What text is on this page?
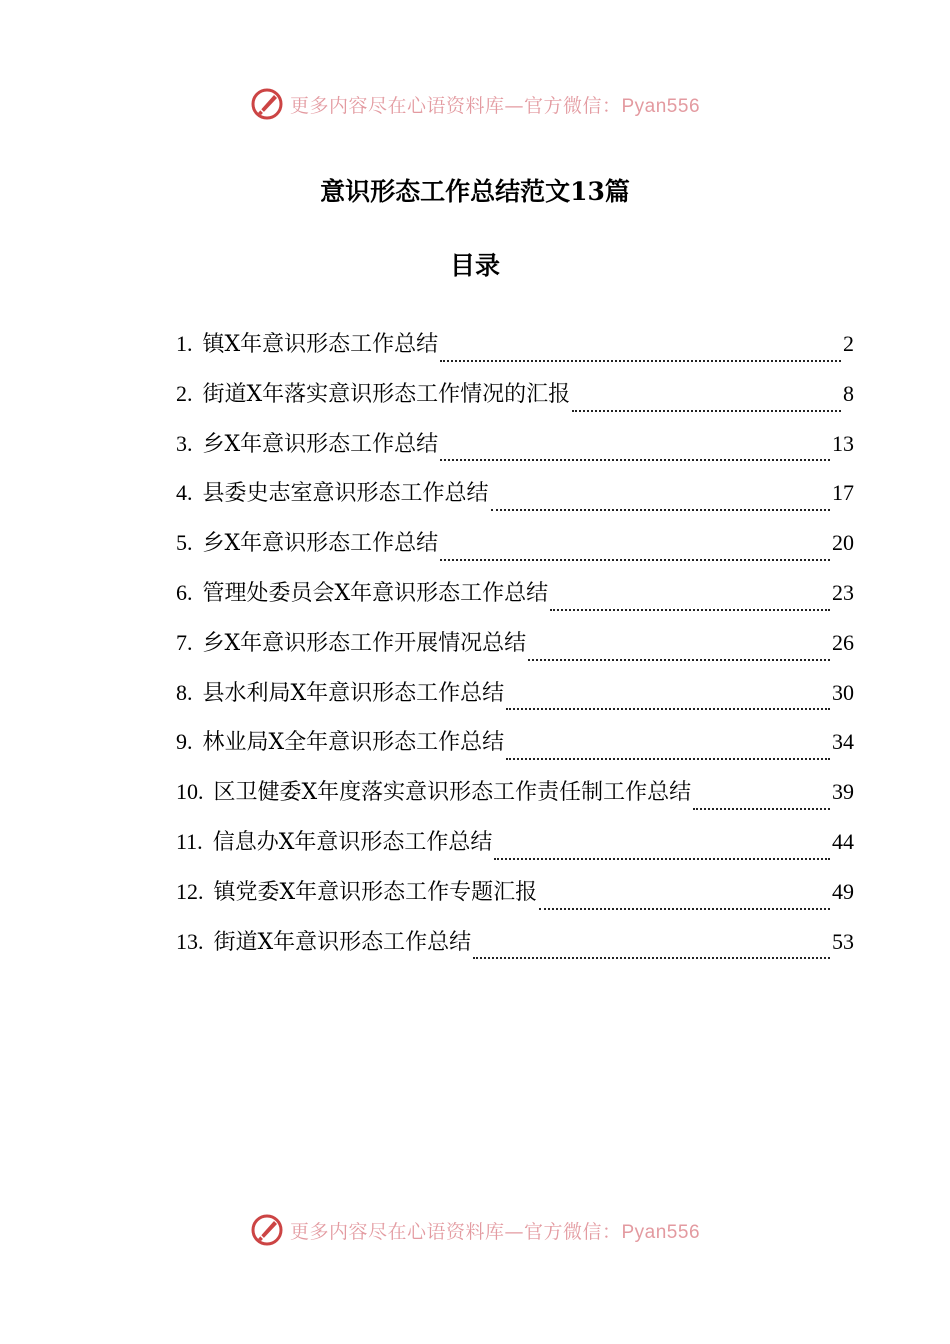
更多内容尽在心语资料库—官方微信：Pyan556
意识形态工作总结范文13篇
目录
1. 镇X年意识形态工作总结	2
2. 街道X年落实意识形态工作情况的汇报	8
3. 乡X年意识形态工作总结	13
4. 县委史志室意识形态工作总结	17
5. 乡X年意识形态工作总结	20
6. 管理处委员会X年意识形态工作总结	23
7. 乡X年意识形态工作开展情况总结	26
8. 县水利局X年意识形态工作总结	30
9. 林业局X全年意识形态工作总结	34
10. 区卫健委X年度落实意识形态工作责任制工作总结	39
11. 信息办X年意识形态工作总结	44
12. 镇党委X年意识形态工作专题汇报	49
13. 街道X年意识形态工作总结	53
更多内容尽在心语资料库—官方微信：Pyan556
